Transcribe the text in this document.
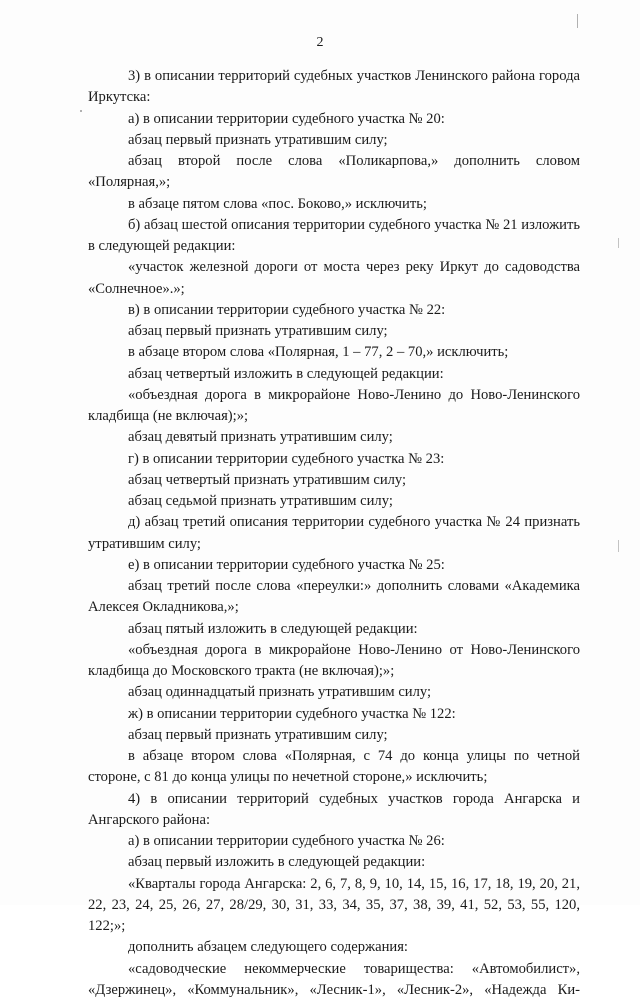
2

3) в описании территорий судебных участков Ленинского района города Иркутска:

а) в описании территории судебного участка № 20:

абзац первый признать утратившим силу;

абзац второй после слова «Поликарпова,» дополнить словом «Полярная,»;

в абзаце пятом слова «пос. Боково,» исключить;

б) абзац шестой описания территории судебного участка № 21 изложить в следующей редакции:

«участок железной дороги от моста через реку Иркут до садоводства «Солнечное».»;

в) в описании территории судебного участка № 22:

абзац первый признать утратившим силу;

в абзаце втором слова «Полярная, 1 – 77, 2 – 70,» исключить;

абзац четвертый изложить в следующей редакции:

«объездная дорога в микрорайоне Ново-Ленино до Ново-Ленинского кладбища (не включая);»;

абзац девятый признать утратившим силу;

г) в описании территории судебного участка № 23:

абзац четвертый признать утратившим силу;

абзац седьмой признать утратившим силу;

д) абзац третий описания территории судебного участка № 24 признать утратившим силу;

е) в описании территории судебного участка № 25:

абзац третий после слова «переулки:» дополнить словами «Академика Алексея Окладникова,»;

абзац пятый изложить в следующей редакции:

«объездная дорога в микрорайоне Ново-Ленино от Ново-Ленинского кладбища до Московского тракта (не включая);»;

абзац одиннадцатый признать утратившим силу;

ж) в описании территории судебного участка № 122:

абзац первый признать утратившим силу;

в абзаце втором слова «Полярная, с 74 до конца улицы по четной стороне, с 81 до конца улицы по нечетной стороне,» исключить;

4) в описании территорий судебных участков города Ангарска и Ангарского района:

а) в описании территории судебного участка № 26:

абзац первый изложить в следующей редакции:

«Кварталы города Ангарска: 2, 6, 7, 8, 9, 10, 14, 15, 16, 17, 18, 19, 20, 21, 22, 23, 24, 25, 26, 27, 28/29, 30, 31, 33, 34, 35, 37, 38, 39, 41, 52, 53, 55, 120, 122;»;

дополнить абзацем следующего содержания:

«садоводческие некоммерческие товарищества: «Автомобилист», «Дзержинец», «Коммунальник», «Лесник-1», «Лесник-2», «Надежда Ки-
